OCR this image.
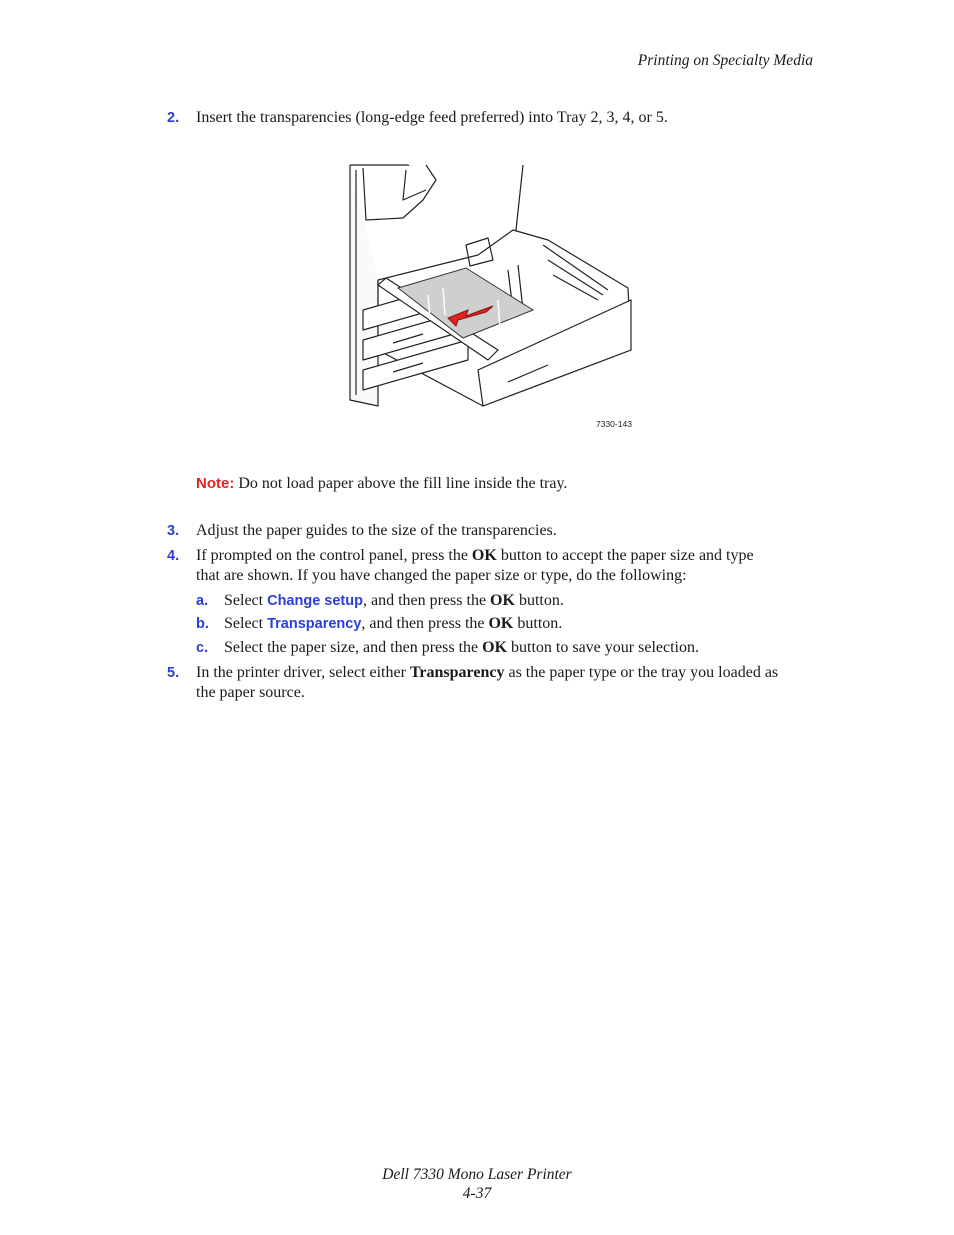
Printing on Specialty Media
2. Insert the transparencies (long-edge feed preferred) into Tray 2, 3, 4, or 5.
7330-143
Note: Do not load paper above the fill line inside the tray.
3. Adjust the paper guides to the size of the transparencies.
4. If prompted on the control panel, press the OK button to accept the paper size and type
that are shown. If you have changed the paper size or type, do the following:
a. Select Change setup, and then press the OK button.
b. Select Transparency, and then press the OK button.
c. Select the paper size, and then press the OK button to save your selection.
5. In the printer driver, select either Transparency as the paper type or the tray you loaded as
the paper source.
Dell 7330 Mono Laser Printer
4-37
